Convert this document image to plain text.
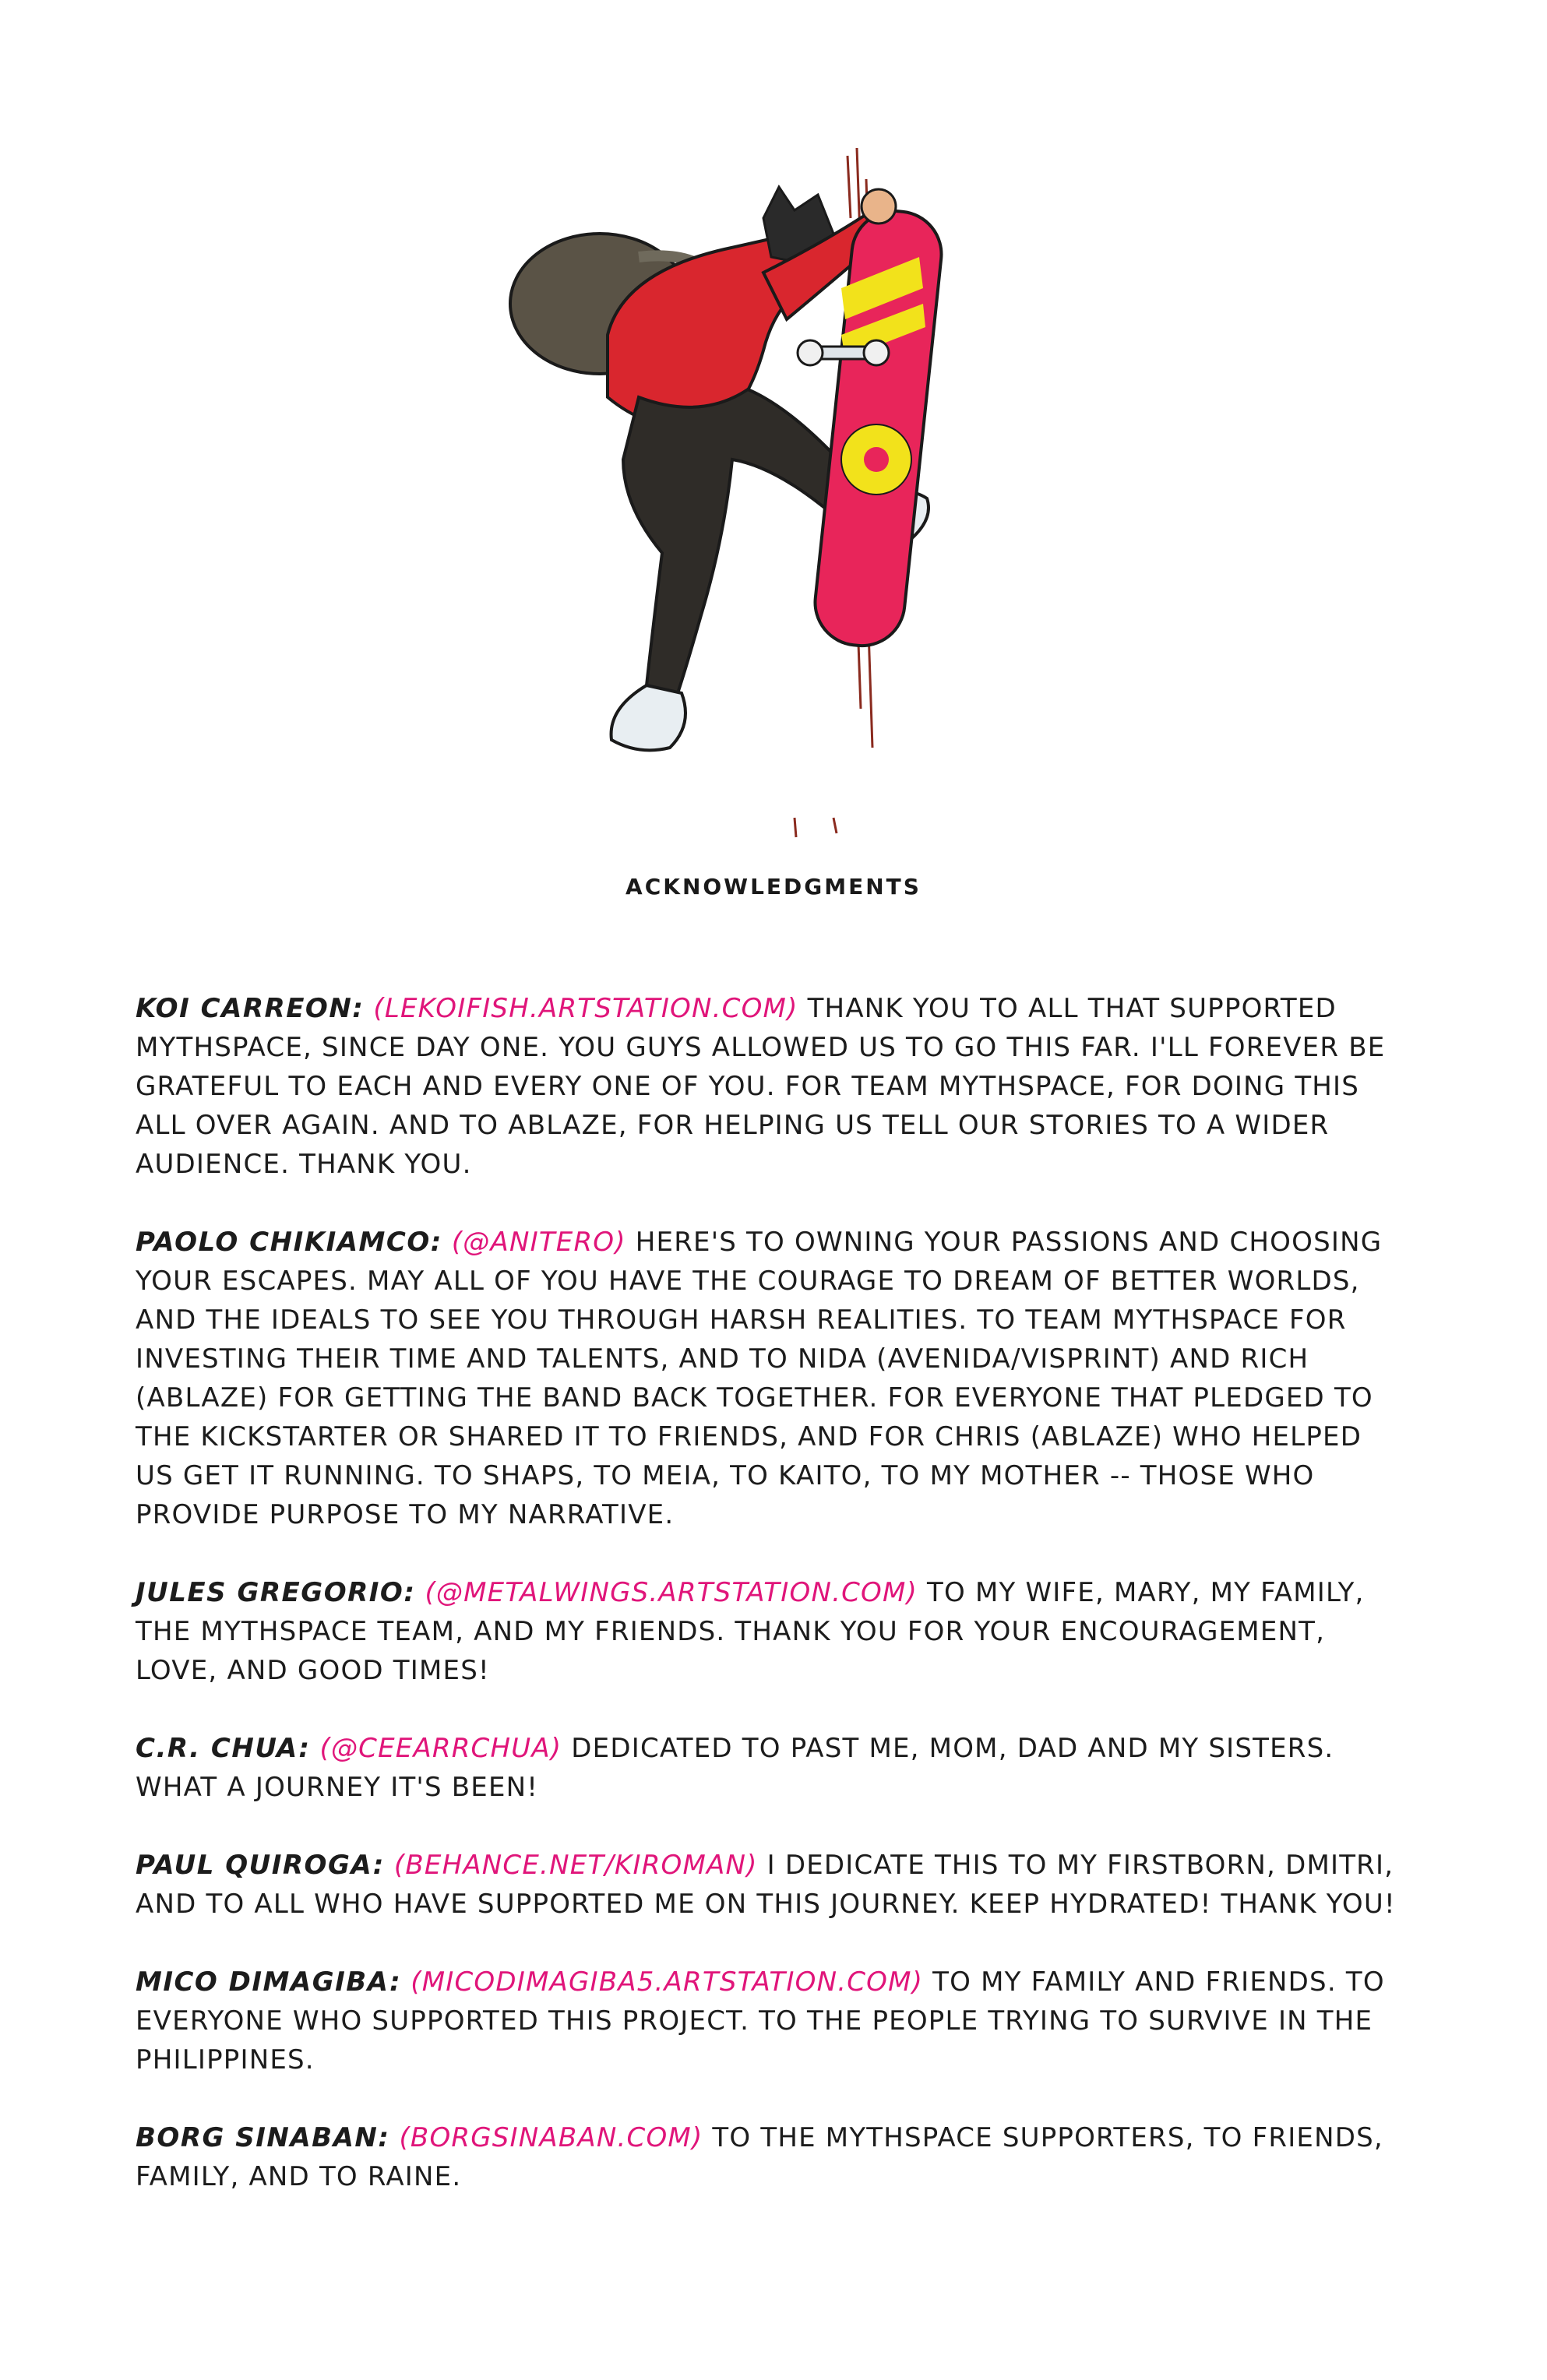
acknowledgments

KOI CARREON: (LEKOIFISH.ARTSTATION.COM) THANK YOU TO ALL THAT SUPPORTED MYTHSPACE, SINCE DAY ONE. YOU GUYS ALLOWED US TO GO THIS FAR. I'LL FOREVER BE GRATEFUL TO EACH AND EVERY ONE OF YOU. FOR TEAM MYTHSPACE, FOR DOING THIS ALL OVER AGAIN. AND TO ABLAZE, FOR HELPING US TELL OUR STORIES TO A WIDER AUDIENCE. THANK YOU.

PAOLO CHIKIAMCO: (@ANITERO) HERE'S TO OWNING YOUR PASSIONS AND CHOOSING YOUR ESCAPES. MAY ALL OF YOU HAVE THE COURAGE TO DREAM OF BETTER WORLDS, AND THE IDEALS TO SEE YOU THROUGH HARSH REALITIES. TO TEAM MYTHSPACE FOR INVESTING THEIR TIME AND TALENTS, AND TO NIDA (AVENIDA/VISPRINT) AND RICH (ABLAZE) FOR GETTING THE BAND BACK TOGETHER. FOR EVERYONE THAT PLEDGED TO THE KICKSTARTER OR SHARED IT TO FRIENDS, AND FOR CHRIS (ABLAZE) WHO HELPED US GET IT RUNNING. TO SHAPS, TO MEIA, TO KAITO, TO MY MOTHER -- THOSE WHO PROVIDE PURPOSE TO MY NARRATIVE.

JULES GREGORIO: (@METALWINGS.ARTSTATION.COM) TO MY WIFE, MARY, MY FAMILY, THE MYTHSPACE TEAM, AND MY FRIENDS. THANK YOU FOR YOUR ENCOURAGEMENT, LOVE, AND GOOD TIMES!

C.R. CHUA: (@CEEARRCHUA) DEDICATED TO PAST ME, MOM, DAD AND MY SISTERS. WHAT A JOURNEY IT'S BEEN!

PAUL QUIROGA: (BEHANCE.NET/KIROMAN) I DEDICATE THIS TO MY FIRSTBORN, DMITRI, AND TO ALL WHO HAVE SUPPORTED ME ON THIS JOURNEY. KEEP HYDRATED! THANK YOU!

MICO DIMAGIBA: (MICODIMAGIBA5.ARTSTATION.COM) TO MY FAMILY AND FRIENDS. TO EVERYONE WHO SUPPORTED THIS PROJECT. TO THE PEOPLE TRYING TO SURVIVE IN THE PHILIPPINES.

BORG SINABAN: (BORGSINABAN.COM) TO THE MYTHSPACE SUPPORTERS, TO FRIENDS, FAMILY, AND TO RAINE.
